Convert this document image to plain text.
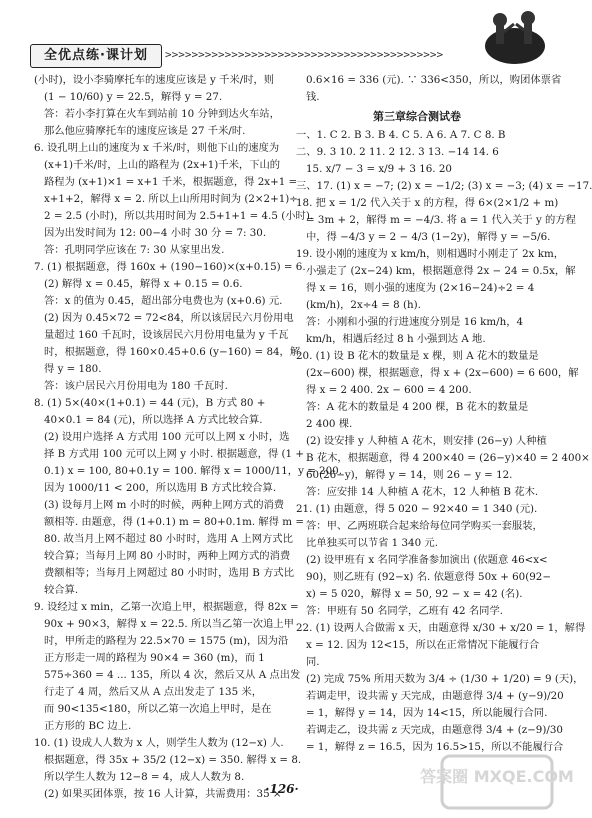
全优点练·课计划	>>>>>>>>>>>>>>>>>>>>>>>>>>>>>>>>>>>>>>>>>>
(小时)，设小李骑摩托车的速度应该是 y 千米/时，则
(1 − 10/60) y = 22.5，解得 y = 27.
答：若小李打算在火车到站前 10 分钟到达火车站，
那么他应骑摩托车的速度应该是 27 千米/时.
6. 设孔明上山的速度为 x 千米/时，则他下山的速度为
(x+1)千米/时，上山的路程为 (2x+1)千米，下山的
路程为 (x+1)×1 = x+1 千米，根据题意，得 2x+1 =
x+1+2，解得 x = 2. 所以上山所用时间为 (2×2+1)÷
2 = 2.5 (小时)，所以共用时间为 2.5+1+1 = 4.5 (小时).
因为出发时间为 12: 00−4 小时 30 分 = 7: 30.
答：孔明同学应该在 7: 30 从家里出发.
7. (1) 根据题意，得 160x + (190−160)×(x+0.15) = 6.
(2) 解得 x = 0.45，解得 x + 0.15 = 0.6.
答：x 的值为 0.45，超出部分电费也为 (x+0.6) 元.
(2) 因为 0.45×72 = 72<84，所以该居民六月份用电
量超过 160 千瓦时，设该居民六月份用电量为 y 千瓦
时，根据题意，得 160×0.45+0.6 (y−160) = 84，解
得 y = 180.
答：该户居民六月份用电为 180 千瓦时.
8. (1) 5×(40×(1+0.1) = 44 (元)，B 方式 80 +
40×0.1 = 84 (元)，所以选择 A 方式比较合算.
(2) 设用户选择 A 方式用 100 元可以上网 x 小时，选
择 B 方式用 100 元可以上网 y 小时. 根据题意，得 (1 +
0.1) x = 100, 80+0.1y = 100. 解得 x = 1000/11，y = 200.
因为 1000/11 < 200，所以选用 B 方式比较合算.
(3) 设每月上网 m 小时的时候，两种上网方式的消费
额相等. 由题意，得 (1+0.1) m = 80+0.1m. 解得 m =
80. 故当月上网不超过 80 小时时，选用 A 上网方式比
较合算；当每月上网 80 小时时，两种上网方式的消费
费额相等；当每月上网超过 80 小时时，选用 B 方式比
较合算.
9. 设经过 x min，乙第一次追上甲，根据题意，得 82x =
90x + 90×3，解得 x = 22.5. 所以当乙第一次追上甲
时，甲所走的路程为 22.5×70 = 1575 (m)，因为沿
正方形走一周的路程为 90×4 = 360 (m)，而 1
575÷360 = 4 ... 135，所以 4 次，然后又从 A 点出发
行走了 4 周，然后又从 A 点出发走了 135 米，
而 90<135<180，所以乙第一次追上甲时，是在
正方形的 BC 边上.
10. (1) 设成人人数为 x 人，则学生人数为 (12−x) 人.
根据题意，得 35x + 35/2 (12−x) = 350. 解得 x = 8.
所以学生人数为 12−8 = 4，成人人数为 8.
(2) 如果买团体票，按 16 人计算，共需费用：35 ×
0.6×16 = 336 (元). ∵ 336<350，所以，购团体票省
钱.
第三章综合测试卷
一、1. C 2. B 3. B 4. C 5. A 6. A 7. C 8. B
二、9. 3 10. 2 11. 2 12. 3 13. −14 14. 6
15. x/7 − 3 = x/9 + 3 16. 20
三、17. (1) x = −7; (2) x = −1/2; (3) x = −3; (4) x = −17.
18. 把 x = 1/2 代入关于 x 的方程，得 6×(2×1/2 + m)
= 3m + 2，解得 m = −4/3. 将 a = 1 代入关于 y 的方程
中，得 −4/3 y = 2 − 4/3 (1−2y)，解得 y = −5/6.
19. 设小刚的速度为 x km/h，则相遇时小刚走了 2x km，
小强走了 (2x−24) km，根据题意得 2x − 24 = 0.5x，解
得 x = 16，则小强的速度为 (2×16−24)÷2 = 4
(km/h)，2x÷4 = 8 (h).
答：小刚和小强的行进速度分别是 16 km/h，4
km/h，相遇后经过 8 h 小强到达 A 地.
20. (1) 设 B 花木的数量是 x 棵，则 A 花木的数量是
(2x−600) 棵，根据题意，得 x + (2x−600) = 6 600，解
得 x = 2 400. 2x − 600 = 4 200.
答：A 花木的数量是 4 200 棵，B 花木的数量是
2 400 棵.
(2) 设安排 y 人种植 A 花木，则安排 (26−y) 人种植
B 花木，根据题意，得 4 200×40 = (26−y)×40 = 2 400×
60(26−y)，解得 y = 14，则 26 − y = 12.
答：应安排 14 人种植 A 花木，12 人种植 B 花木.
21. (1) 由题意，得 5 020 − 92×40 = 1 340 (元).
答：甲、乙两班联合起来给每位同学购买一套服装，
比单独买可以节省 1 340 元.
(2) 设甲班有 x 名同学准备参加演出 (依题意 46<x<
90)，则乙班有 (92−x) 名. 依题意得 50x + 60(92−
x) = 5 020，解得 x = 50, 92 − x = 42 (名).
答：甲班有 50 名同学，乙班有 42 名同学.
22. (1) 设两人合做需 x 天，由题意得 x/30 + x/20 = 1，解得
x = 12. 因为 12<15，所以在正常情况下能履行合
同.
(2) 完成 75% 所用天数为 3/4 ÷ (1/30 + 1/20) = 9 (天)，
若调走甲，设共需 y 天完成，由题意得 3/4 + (y−9)/20
= 1，解得 y = 14，因为 14<15，所以能履行合同.
若调走乙，设共需 z 天完成，由题意得 3/4 + (z−9)/30
= 1，解得 z = 16.5，因为 16.5>15，所以不能履行合
·126·
答案圈 MXQE.COM
